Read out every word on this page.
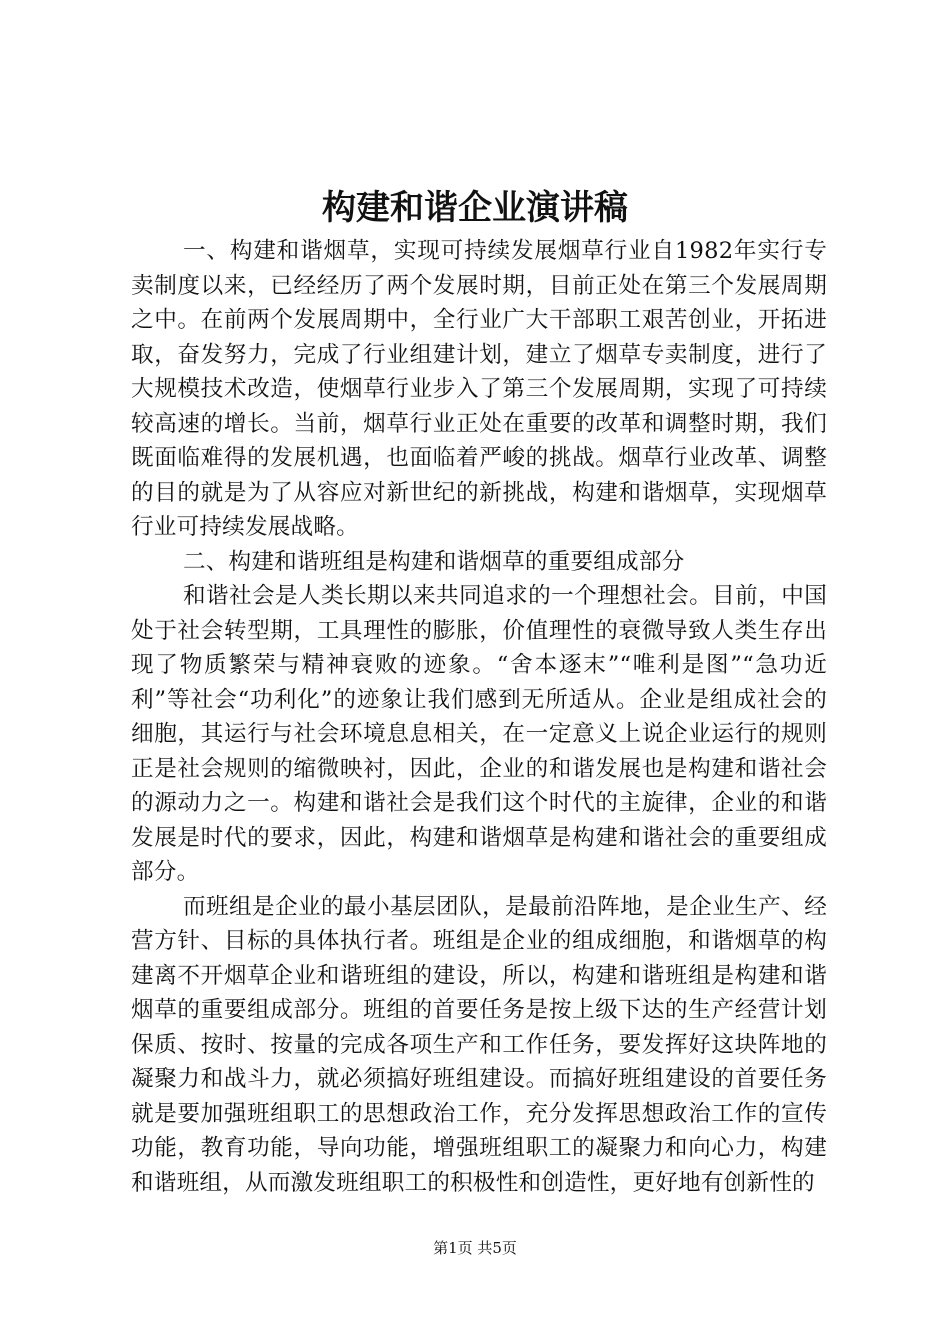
构建和谐企业演讲稿

一、构建和谐烟草，实现可持续发展烟草行业自1982年实行专卖制度以来，已经经历了两个发展时期，目前正处在第三个发展周期之中。在前两个发展周期中，全行业广大干部职工艰苦创业，开拓进取，奋发努力，完成了行业组建计划，建立了烟草专卖制度，进行了大规模技术改造，使烟草行业步入了第三个发展周期，实现了可持续较高速的增长。当前，烟草行业正处在重要的改革和调整时期，我们既面临难得的发展机遇，也面临着严峻的挑战。烟草行业改革、调整的目的就是为了从容应对新世纪的新挑战，构建和谐烟草，实现烟草行业可持续发展战略。

二、构建和谐班组是构建和谐烟草的重要组成部分

和谐社会是人类长期以来共同追求的一个理想社会。目前，中国处于社会转型期，工具理性的膨胀，价值理性的衰微导致人类生存出现了物质繁荣与精神衰败的迹象。“舍本逐末”“唯利是图”“急功近利”等社会“功利化”的迹象让我们感到无所适从。企业是组成社会的细胞，其运行与社会环境息息相关，在一定意义上说企业运行的规则正是社会规则的缩微映衬，因此，企业的和谐发展也是构建和谐社会的源动力之一。构建和谐社会是我们这个时代的主旋律，企业的和谐发展是时代的要求，因此，构建和谐烟草是构建和谐社会的重要组成部分。

而班组是企业的最小基层团队，是最前沿阵地，是企业生产、经营方针、目标的具体执行者。班组是企业的组成细胞，和谐烟草的构建离不开烟草企业和谐班组的建设，所以，构建和谐班组是构建和谐烟草的重要组成部分。班组的首要任务是按上级下达的生产经营计划保质、按时、按量的完成各项生产和工作任务，要发挥好这块阵地的凝聚力和战斗力，就必须搞好班组建设。而搞好班组建设的首要任务就是要加强班组职工的思想政治工作，充分发挥思想政治工作的宣传功能，教育功能，导向功能，增强班组职工的凝聚力和向心力，构建和谐班组，从而激发班组职工的积极性和创造性，更好地有创新性的

第1页 共5页
